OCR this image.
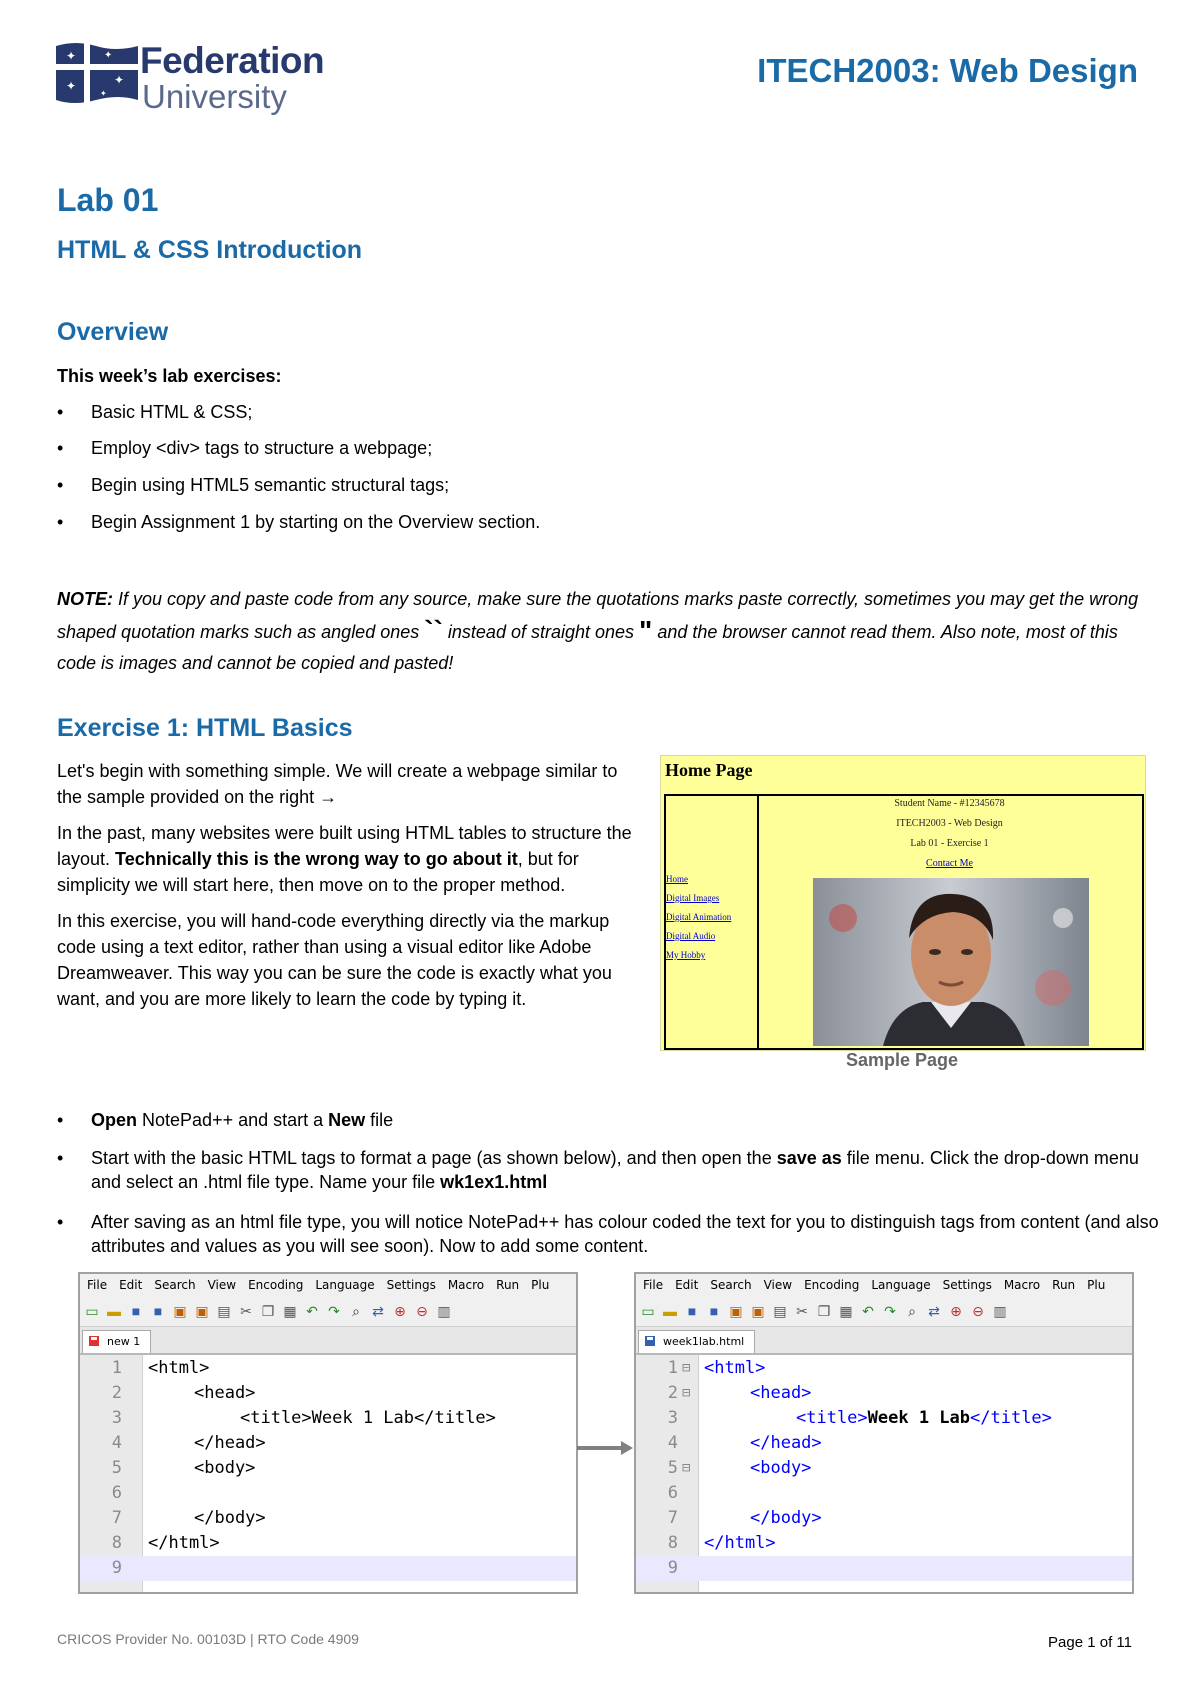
✦	✦
✦
✦
✦
Federation
University
ITECH2003: Web Design
Lab 01
HTML & CSS Introduction
Overview
This week’s lab exercises:
•	Basic HTML & CSS;
•	Employ <div> tags to structure a webpage;
•	Begin using HTML5 semantic structural tags;
•	Begin Assignment 1 by starting on the Overview section.
NOTE: If you copy and paste code from any source, make sure the quotations marks paste correctly, sometimes you may get the wrong shaped quotation marks such as angled ones `` instead of straight ones " and the browser cannot read them. Also note, most of this code is images and cannot be copied and pasted!
Exercise 1: HTML Basics

Let's begin with something simple. We will create a webpage similar to the sample provided on the right →

In the past, many websites were built using HTML tables to structure the layout. Technically this is the wrong way to go about it, but for simplicity we will start here, then move on to the proper method.

In this exercise, you will hand-code everything directly via the markup code using a text editor, rather than using a visual editor like Adobe Dreamweaver. This way you can be sure the code is exactly what you want, and you are more likely to learn the code by typing it.

Home Page
Student Name - #12345678
ITECH2003 - Web Design
Lab 01 - Exercise 1
Contact Me
Home
Digital Images
Digital Animation
Digital Audio
My Hobby
Sample Page
•	Open NotePad++ and start a New file
•	Start with the basic HTML tags to format a page (as shown below), and then open the save as file menu. Click the drop-down menu and select an .html file type. Name your file wk1ex1.html
•	After saving as an html file type, you will notice NotePad++ has colour coded the text for you to distinguish tags from content (and also attributes and values as you will see soon). Now to add some content.
File Edit Search View Encoding Language Settings Macro Run Plu
▭ ▬ ■ ■ ▣ ▣ ▤ ✂ ❐ ▦ ↶ ↷ ⌕ ⇄ ⊕ ⊖ ▥
new 1
1 <html>
2	<head>
3	<title>Week 1 Lab</title>
4	</head>
5	<body>
6
7	</body>
8 </html>
9
File Edit Search View Encoding Language Settings Macro Run Plu
▭ ▬ ■ ■ ▣ ▣ ▤ ✂ ❐ ▦ ↶ ↷ ⌕ ⇄ ⊕ ⊖ ▥
week1lab.html
1 ⊟ <html>
2 ⊟	<head>
3	<title>Week 1 Lab</title>
4	</head>
5 ⊟	<body>
6
7	</body>
8 </html>
9
CRICOS Provider No. 00103D | RTO Code 4909	Page 1 of 11
